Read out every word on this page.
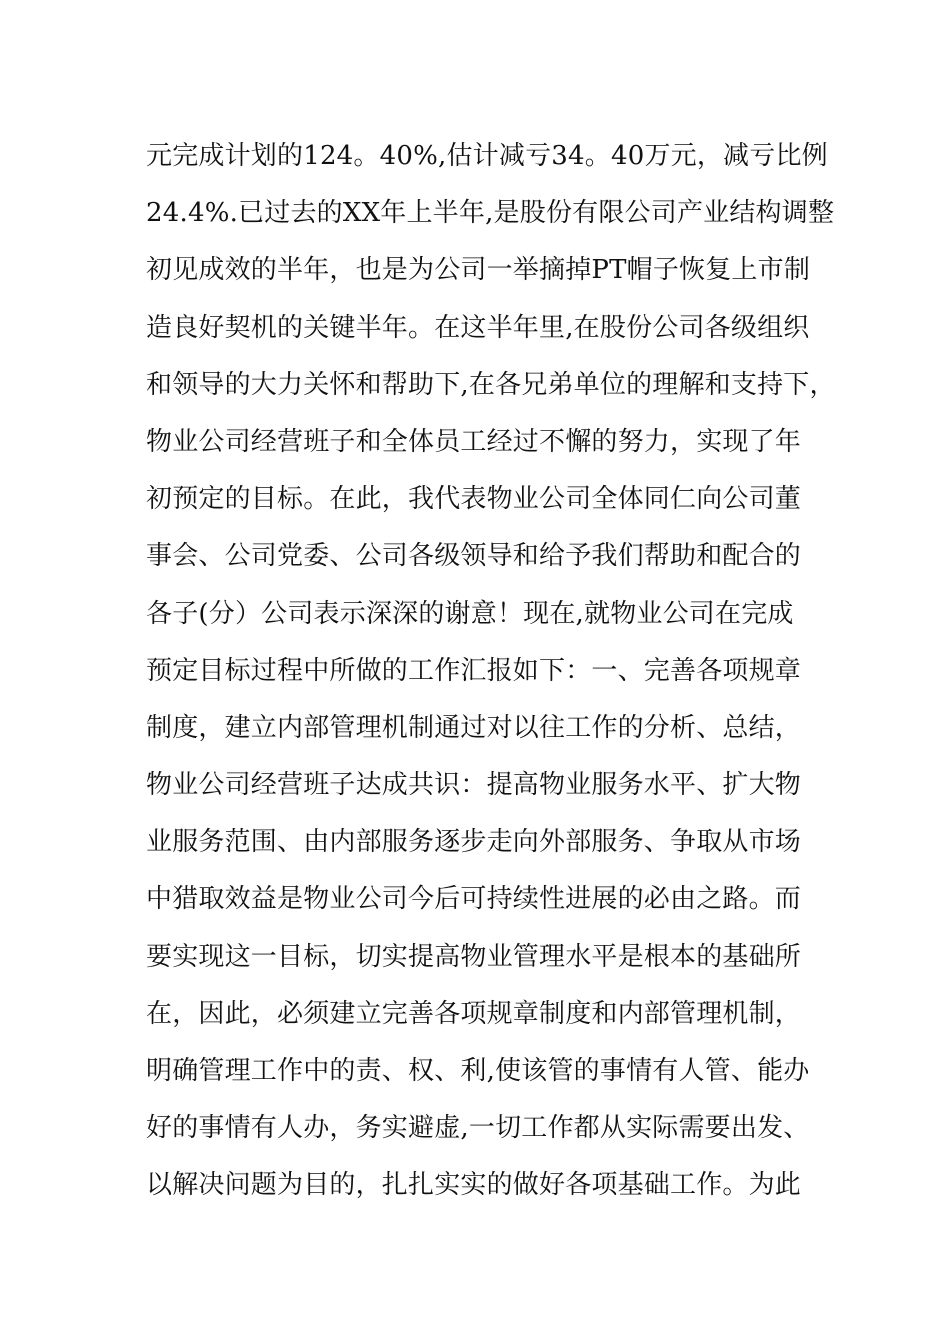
元完成计划的124。40%,估计减亏34。40万元，减亏比例
24.4%.已过去的XX年上半年,是股份有限公司产业结构调整
初见成效的半年，也是为公司一举摘掉PT帽子恢复上市制
造良好契机的关键半年。在这半年里,在股份公司各级组织
和领导的大力关怀和帮助下,在各兄弟单位的理解和支持下，
物业公司经营班子和全体员工经过不懈的努力，实现了年
初预定的目标。在此，我代表物业公司全体同仁向公司董
事会、公司党委、公司各级领导和给予我们帮助和配合的
各子(分）公司表示深深的谢意！现在,就物业公司在完成
预定目标过程中所做的工作汇报如下：一、完善各项规章
制度，建立内部管理机制通过对以往工作的分析、总结，
物业公司经营班子达成共识：提高物业服务水平、扩大物
业服务范围、由内部服务逐步走向外部服务、争取从市场
中猎取效益是物业公司今后可持续性进展的必由之路。而
要实现这一目标，切实提高物业管理水平是根本的基础所
在，因此，必须建立完善各项规章制度和内部管理机制，
明确管理工作中的责、权、利,使该管的事情有人管、能办
好的事情有人办，务实避虚,一切工作都从实际需要出发、
以解决问题为目的，扎扎实实的做好各项基础工作。为此
